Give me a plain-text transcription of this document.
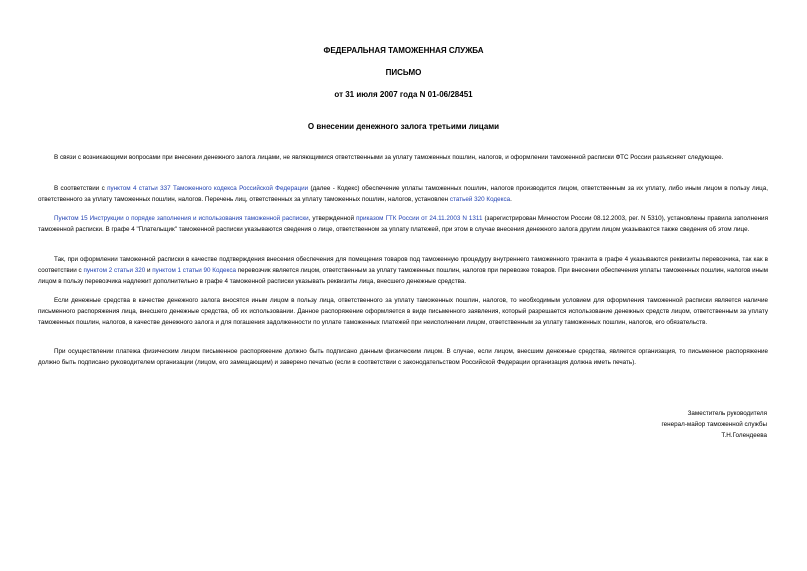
ФЕДЕРАЛЬНАЯ ТАМОЖЕННАЯ СЛУЖБА
ПИСЬМО
от 31 июля 2007 года N 01-06/28451
О внесении денежного залога третьими лицами

В связи с возникающими вопросами при внесении денежного залога лицами, не являющимися ответственными за уплату таможенных пошлин, налогов, и оформлении таможенной расписки ФТС России разъясняет следующее.

В соответствии с пунктом 4 статьи 337 Таможенного кодекса Российской Федерации (далее - Кодекс) обеспечение уплаты таможенных пошлин, налогов производится лицом, ответственным за их уплату, либо иным лицом в пользу лица, ответственного за уплату таможенных пошлин, налогов. Перечень лиц, ответственных за уплату таможенных пошлин, налогов, установлен статьей 320 Кодекса.

Пунктом 15 Инструкции о порядке заполнения и использования таможенной расписки, утвержденной приказом ГТК России от 24.11.2003 N 1311 (зарегистрирован Минюстом России 08.12.2003, рег. N 5310), установлены правила заполнения таможенной расписки. В графе 4 "Плательщик" таможенной расписки указываются сведения о лице, ответственном за уплату платежей, при этом в случае внесения денежного залога другим лицом указываются также сведения об этом лице.

Так, при оформлении таможенной расписки в качестве подтверждения внесения обеспечения для помещения товаров под таможенную процедуру внутреннего таможенного транзита в графе 4 указываются реквизиты перевозчика, так как в соответствии с пунктом 2 статьи 320 и пунктом 1 статьи 90 Кодекса перевозчик является лицом, ответственным за уплату таможенных пошлин, налогов при перевозке товаров. При внесении обеспечения уплаты таможенных пошлин, налогов иным лицом в пользу перевозчика надлежит дополнительно в графе 4 таможенной расписки указывать реквизиты лица, внесшего денежные средства.

Если денежные средства в качестве денежного залога вносятся иным лицом в пользу лица, ответственного за уплату таможенных пошлин, налогов, то необходимым условием для оформления таможенной расписки является наличие письменного распоряжения лица, внесшего денежные средства, об их использовании. Данное распоряжение оформляется в виде письменного заявления, который разрешается использование денежных средств лицом, ответственным за уплату таможенных пошлин, налогов, в качестве денежного залога и для погашения задолженности по уплате таможенных платежей при неисполнении лицом, ответственным за уплату таможенных пошлин, налогов, его обязательств.

При осуществлении платежа физическим лицом письменное распоряжение должно быть подписано данным физическим лицом. В случае, если лицом, внесшим денежные средства, является организация, то письменное распоряжение должно быть подписано руководителем организации (лицом, его замещающим) и заверено печатью (если в соответствии с законодательством Российской Федерации организация должна иметь печать).

Заместитель руководителя
генерал-майор таможенной службы
Т.Н.Голендеева
